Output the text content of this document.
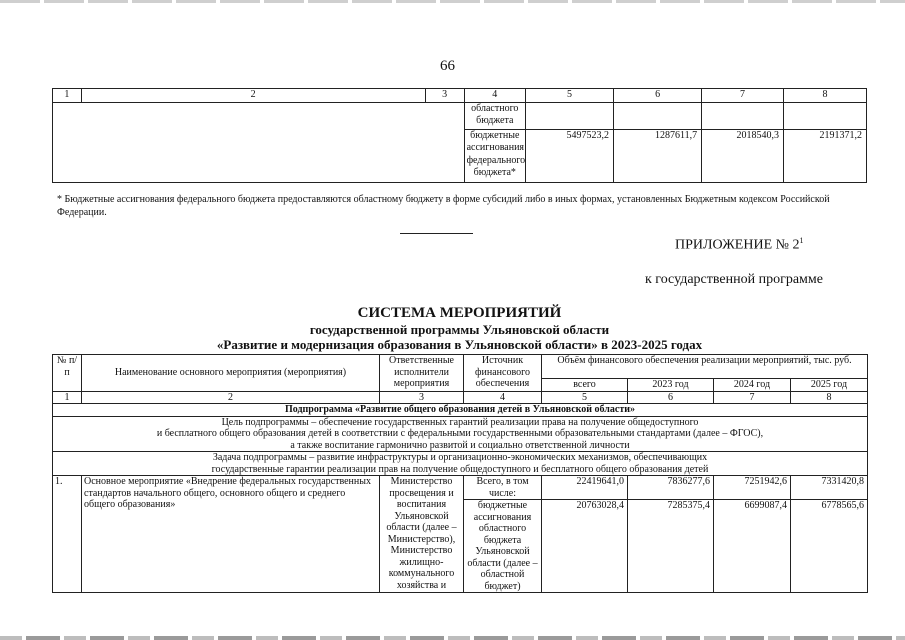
66
1	2	3	4	5	6	7	8
			областного бюджета				
			бюджетные ассигнования федерального бюджета*	5497523,2	1287611,7	2018540,3	2191371,2
* Бюджетные ассигнования федерального бюджета предоставляются областному бюджету в форме субсидий либо в иных формах, установленных Бюджетным кодексом Российской Федерации.
ПРИЛОЖЕНИЕ № $2^1$
к государственной программе
СИСТЕМА МЕРОПРИЯТИЙ
государственной программы Ульяновской области
«Развитие и модернизация образования в Ульяновской области» в 2023-2025 годах
№ п/п	Наименование основного мероприятия (мероприятия)	Ответственные исполнители мероприятия	Источник финансового обеспечения	Объём финансового обеспечения реализации мероприятий, тыс. руб.			
				всего	2023 год	2024 год	2025 год
1	2	3	4	5	6	7	8
Подпрограмма «Развитие общего образования детей в Ульяновской области»							

Цель подпрограммы – обеспечение государственных гарантий реализации права на получение общедоступного
и бесплатного общего образования детей в соответствии с федеральными государственными образовательными стандартами (далее – ФГОС),
а также воспитание гармонично развитой и социально ответственной личности							

Задача подпрограммы – развитие инфраструктуры и организационно-экономических механизмов, обеспечивающих
государственные гарантии реализации прав на получение общедоступного и бесплатного общего образования детей							

1.	Основное мероприятие «Внедрение федеральных государственных стандартов начального общего, основного общего и среднего общего образования»	Министерство просвещения и воспитания Ульяновской области (далее – Министерство), Министерство жилищно-коммунального хозяйства и	Всего, в том числе:	22419641,0	7836277,6	7251942,6	7331420,8
			бюджетные ассигнования областного бюджета Ульяновской области (далее – областной бюджет)	20763028,4	7285375,4	6699087,4	6778565,6
